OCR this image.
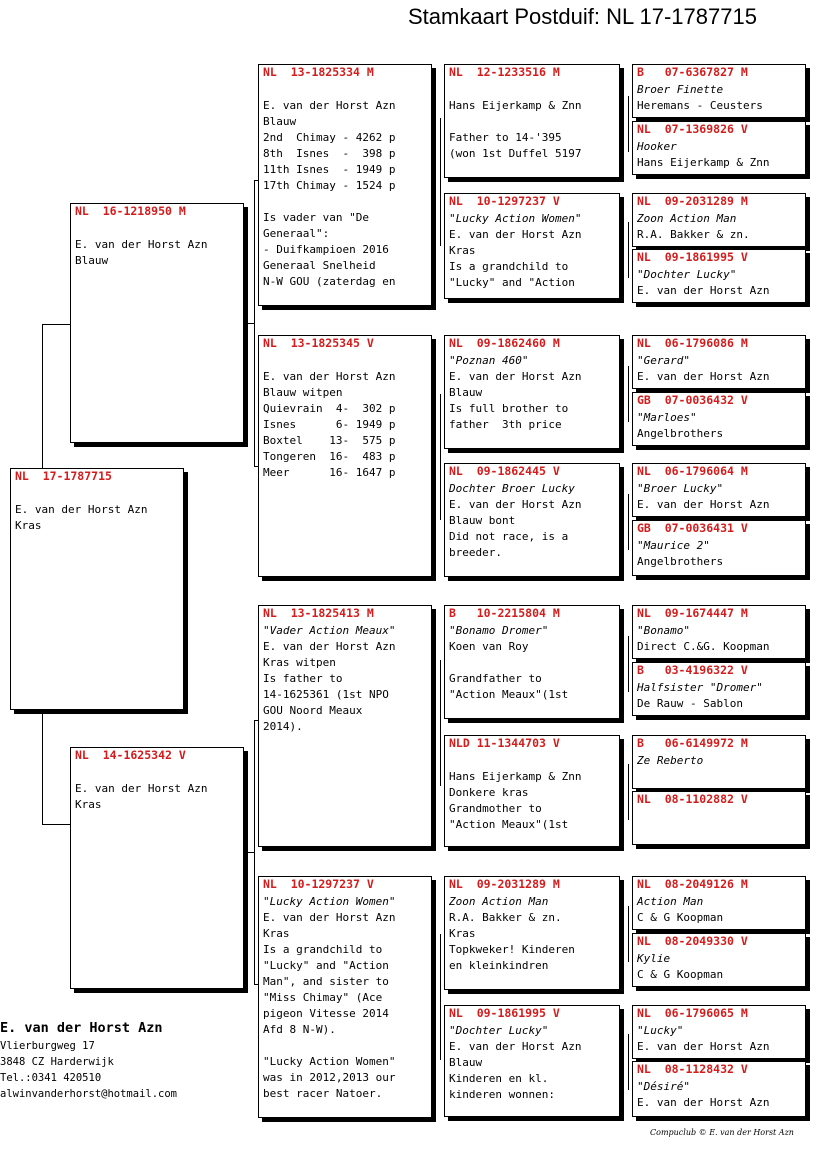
Stamkaart Postduif: NL 17-1787715
NL  17-1787715
E. van der Horst Azn
Kras
NL  16-1218950 M
E. van der Horst Azn
Blauw
NL  14-1625342 V
E. van der Horst Azn
Kras
NL  13-1825334 M
E. van der Horst Azn
Blauw
2nd  Chimay - 4262 p
8th  Isnes  -  398 p
11th Isnes  - 1949 p
17th Chimay - 1524 p
Is vader van "De
Generaal":
- Duifkampioen 2016
Generaal Snelheid
N-W GOU (zaterdag en
NL  13-1825345 V
E. van der Horst Azn
Blauw witpen
Quievrain  4-  302 p
Isnes      6- 1949 p
Boxtel    13-  575 p
Tongeren  16-  483 p
Meer      16- 1647 p
NL  13-1825413 M
"Vader Action Meaux"
E. van der Horst Azn
Kras witpen
Is father to
14-1625361 (1st NPO
GOU Noord Meaux
2014).
NL  10-1297237 V
"Lucky Action Women"
E. van der Horst Azn
Kras
Is a grandchild to
"Lucky" and "Action
Man", and sister to
"Miss Chimay" (Ace
pigeon Vitesse 2014
Afd 8 N-W).
"Lucky Action Women"
was in 2012,2013 our
best racer Natoer.
NL  12-1233516 M
Hans Eijerkamp & Znn
Father to 14-'395
(won 1st Duffel 5197
NL  10-1297237 V
"Lucky Action Women"
E. van der Horst Azn
Kras
Is a grandchild to
"Lucky" and "Action
NL  09-1862460 M
"Poznan 460"
E. van der Horst Azn
Blauw
Is full brother to
father  3th price
NL  09-1862445 V
Dochter Broer Lucky
E. van der Horst Azn
Blauw bont
Did not race, is a
breeder.
B   10-2215804 M
"Bonamo Dromer"
Koen van Roy
Grandfather to
"Action Meaux"(1st
NLD 11-1344703 V
Hans Eijerkamp & Znn
Donkere kras
Grandmother to
"Action Meaux"(1st
NL  09-2031289 M
Zoon Action Man
R.A. Bakker & zn.
Kras
Topkweker! Kinderen
en kleinkindren
NL  09-1861995 V
"Dochter Lucky"
E. van der Horst Azn
Blauw
Kinderen en kl.
kinderen wonnen:
B   07-6367827 M
Broer Finette
Heremans - Ceusters
NL  07-1369826 V
Hooker
Hans Eijerkamp & Znn
NL  09-2031289 M
Zoon Action Man
R.A. Bakker & zn.
NL  09-1861995 V
"Dochter Lucky"
E. van der Horst Azn
NL  06-1796086 M
"Gerard"
E. van der Horst Azn
GB  07-0036432 V
"Marloes"
Angelbrothers
NL  06-1796064 M
"Broer Lucky"
E. van der Horst Azn
GB  07-0036431 V
"Maurice 2"
Angelbrothers
NL  09-1674447 M
"Bonamo"
Direct C.&G. Koopman
B   03-4196322 V
Halfsister "Dromer"
De Rauw - Sablon
B   06-6149972 M
Ze Reberto
NL  08-1102882 V
NL  08-2049126 M
Action Man
C & G Koopman
NL  08-2049330 V
Kylie
C & G Koopman
NL  06-1796065 M
"Lucky"
E. van der Horst Azn
NL  08-1128432 V
"Désiré"
E. van der Horst Azn
E. van der Horst Azn
Vlierburgweg 17
3848 CZ Harderwijk
Tel.:0341 420510
alwinvanderhorst@hotmail.com
Compuclub © E. van der Horst Azn
